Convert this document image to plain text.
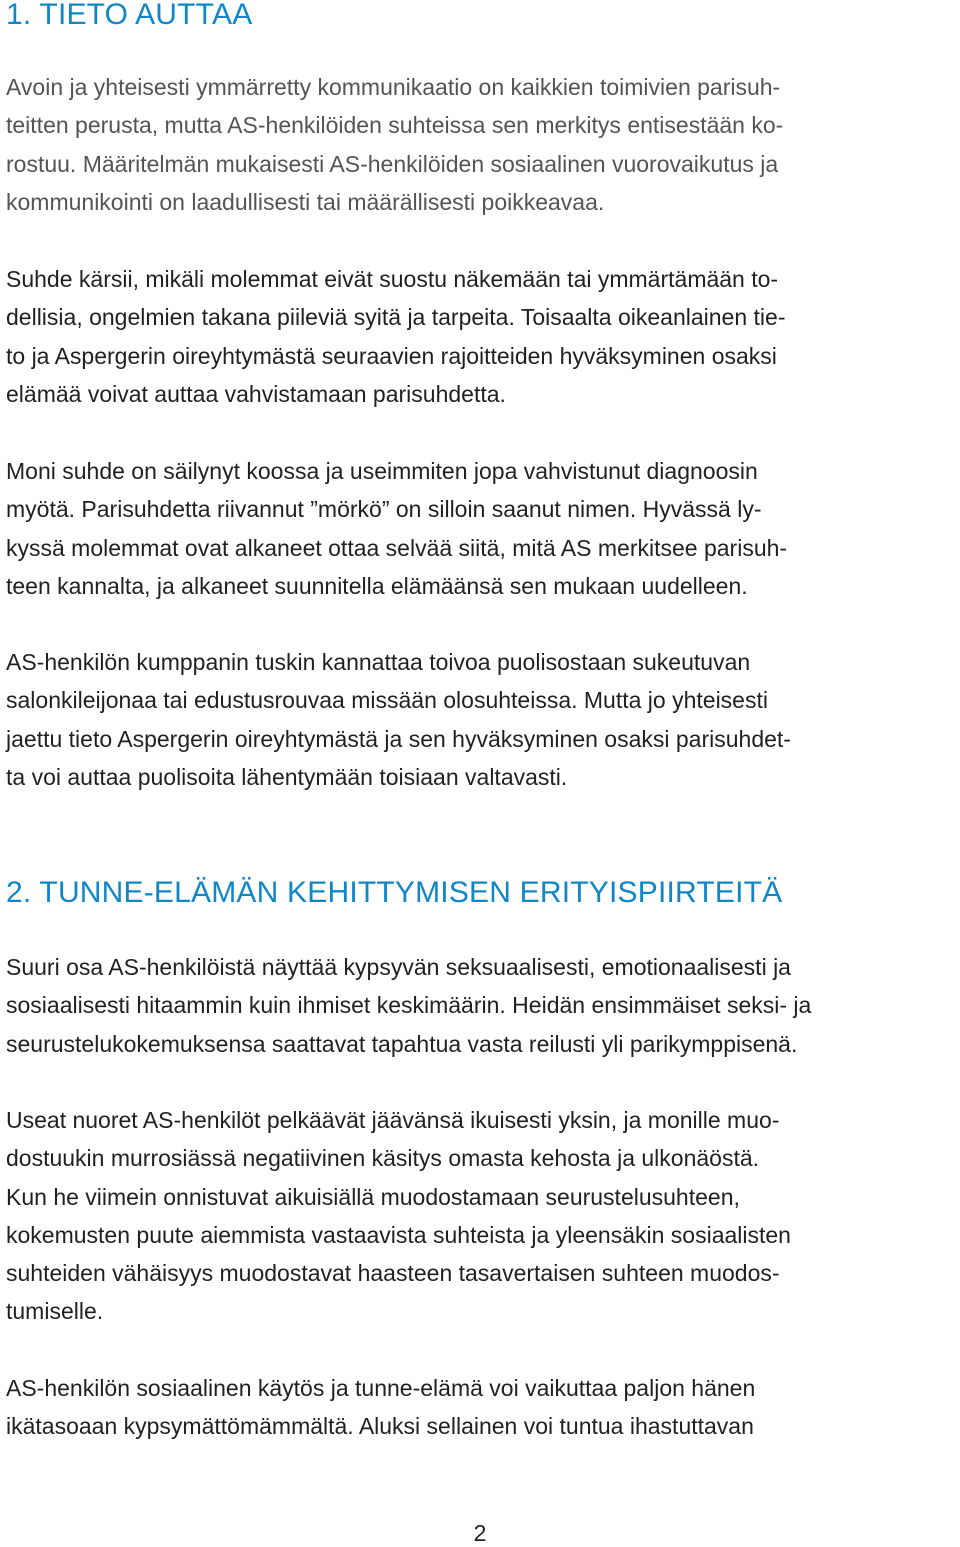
1. TIETO AUTTAA

Avoin ja yhteisesti ymmärretty kommunikaatio on kaikkien toimivien parisuh-
teitten perusta, mutta AS-henkilöiden suhteissa sen merkitys entisestään ko-
rostuu. Määritelmän mukaisesti AS-henkilöiden sosiaalinen vuorovaikutus ja
kommunikointi on laadullisesti tai määrällisesti poikkeavaa.

Suhde kärsii, mikäli molemmat eivät suostu näkemään tai ymmärtämään to-
dellisia, ongelmien takana piileviä syitä ja tarpeita. Toisaalta oikeanlainen tie-
to ja Aspergerin oireyhtymästä seuraavien rajoitteiden hyväksyminen osaksi
elämää voivat auttaa vahvistamaan parisuhdetta.

Moni suhde on säilynyt koossa ja useimmiten jopa vahvistunut diagnoosin
myötä. Parisuhdetta riivannut ”mörkö” on silloin saanut nimen. Hyvässä ly-
kyssä molemmat ovat alkaneet ottaa selvää siitä, mitä AS merkitsee parisuh-
teen kannalta, ja alkaneet suunnitella elämäänsä sen mukaan uudelleen.

AS-henkilön kumppanin tuskin kannattaa toivoa puolisostaan sukeutuvan
salonkileijonaa tai edustusrouvaa missään olosuhteissa. Mutta jo yhteisesti
jaettu tieto Aspergerin oireyhtymästä ja sen hyväksyminen osaksi parisuhdet-
ta voi auttaa puolisoita lähentymään toisiaan valtavasti.

2. TUNNE-ELÄMÄN KEHITTYMISEN ERITYISPIIRTEITÄ

Suuri osa AS-henkilöistä näyttää kypsyvän seksuaalisesti, emotionaalisesti ja
sosiaalisesti hitaammin kuin ihmiset keskimäärin. Heidän ensimmäiset seksi- ja
seurustelukokemuksensa saattavat tapahtua vasta reilusti yli parikymppisenä.

Useat nuoret AS-henkilöt pelkäävät jäävänsä ikuisesti yksin, ja monille muo-
dostuukin murrosiässä negatiivinen käsitys omasta kehosta ja ulkonäöstä.
Kun he viimein onnistuvat aikuisiällä muodostamaan seurustelusuhteen,
kokemusten puute aiemmista vastaavista suhteista ja yleensäkin sosiaalisten
suhteiden vähäisyys muodostavat haasteen tasavertaisen suhteen muodos-
tumiselle.

AS-henkilön sosiaalinen käytös ja tunne-elämä voi vaikuttaa paljon hänen
ikätasoaan kypsymättömämmältä. Aluksi sellainen voi tuntua ihastuttavan

2
